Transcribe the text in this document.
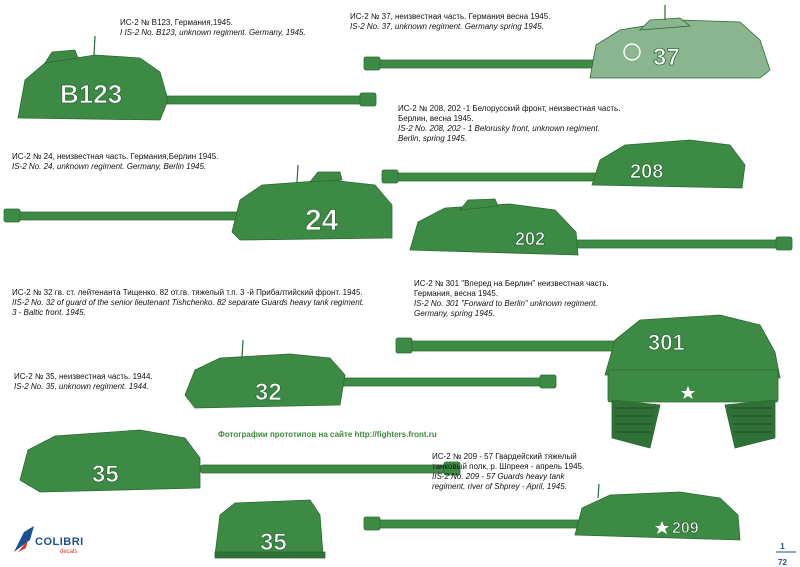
B123
37
208
24
202
301
32
35
35
209
ИС-2 № В123, Германия,1945.
I IS-2 No. B123, unknown regiment. Germany, 1945.
ИС-2 № 37, неизвестная часть. Германия весна 1945.
IS-2 No. 37, unknown regiment. Germany spring 1945.
ИС-2 № 208, 202 -1 Белорусский фронт, неизвестная часть.
Берлин, весна 1945.
IS-2 No. 208, 202 - 1 Belorusky front, unknown regiment.
Berlin, spring 1945.
ИС-2 № 24, неизвестная часть. Германия,Берлин 1945.
IS-2 No. 24, unknown regiment. Germany, Berlin 1945.
ИС-2 № 32 гв. ст. лейтенанта Тищенко. 82 от.гв. тяжелый т.п. 3 -й Прибалтийский фронт. 1945.
IIS-2 No. 32 of guard of the senior lieutenant Tishchenko. 82 separate Guards heavy tank regiment.
3 - Baltic front. 1945.
ИС-2 № 301 "Вперед на Берлин" неизвестная часть.
Германия, весна 1945.
IS-2 No. 301 "Forward to Berlin" unknown regiment.
Germany, spring 1945.
ИС-2 № 35, неизвестная часть. 1944.
IS-2 No. 35, unknown regiment. 1944.
ИС-2 № 209 - 57 Гвардейский тяжелый
танковый полк, р. Шпреея - апрель 1945.
IIS-2 No. 209 - 57 Guards heavy tank
regiment, river of Shprey - April, 1945.
Фотографии прототипов на сайте http://fighters.front.ru
COLIBRI
decals
1

72
